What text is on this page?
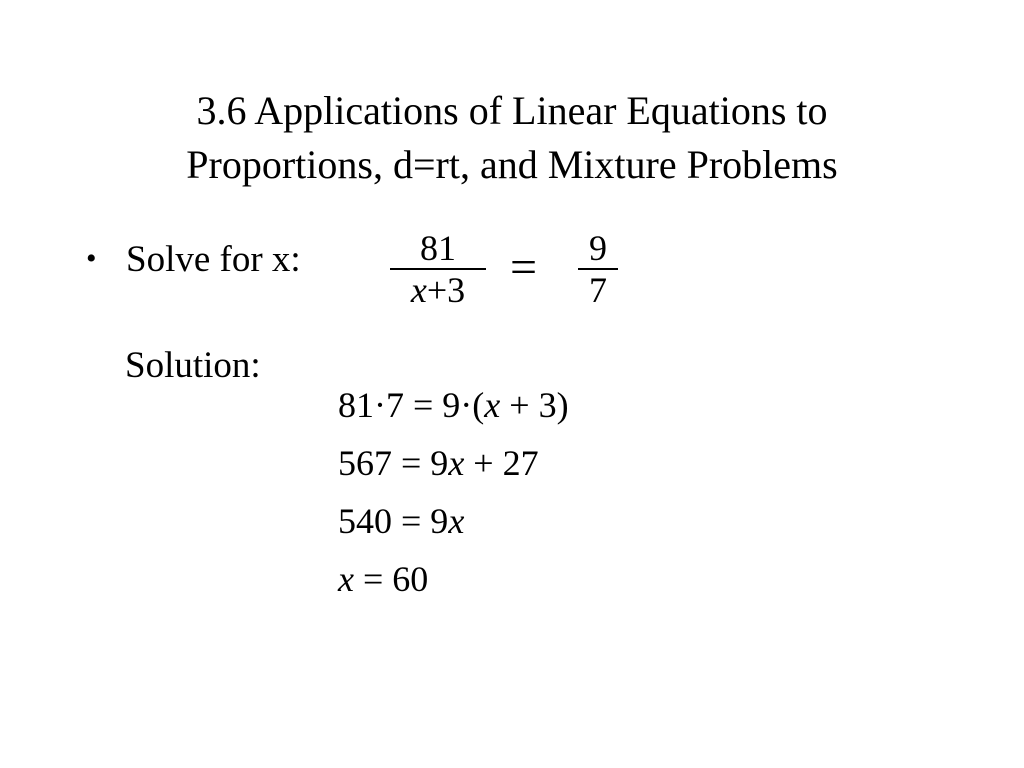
3.6 Applications of Linear Equations to
Proportions, d=rt, and Mixture Problems
• Solve for x:	81
x+3 = 9
7
Solution:
81·7 = 9·(x + 3)
567 = 9x + 27
540 = 9x
x = 60
